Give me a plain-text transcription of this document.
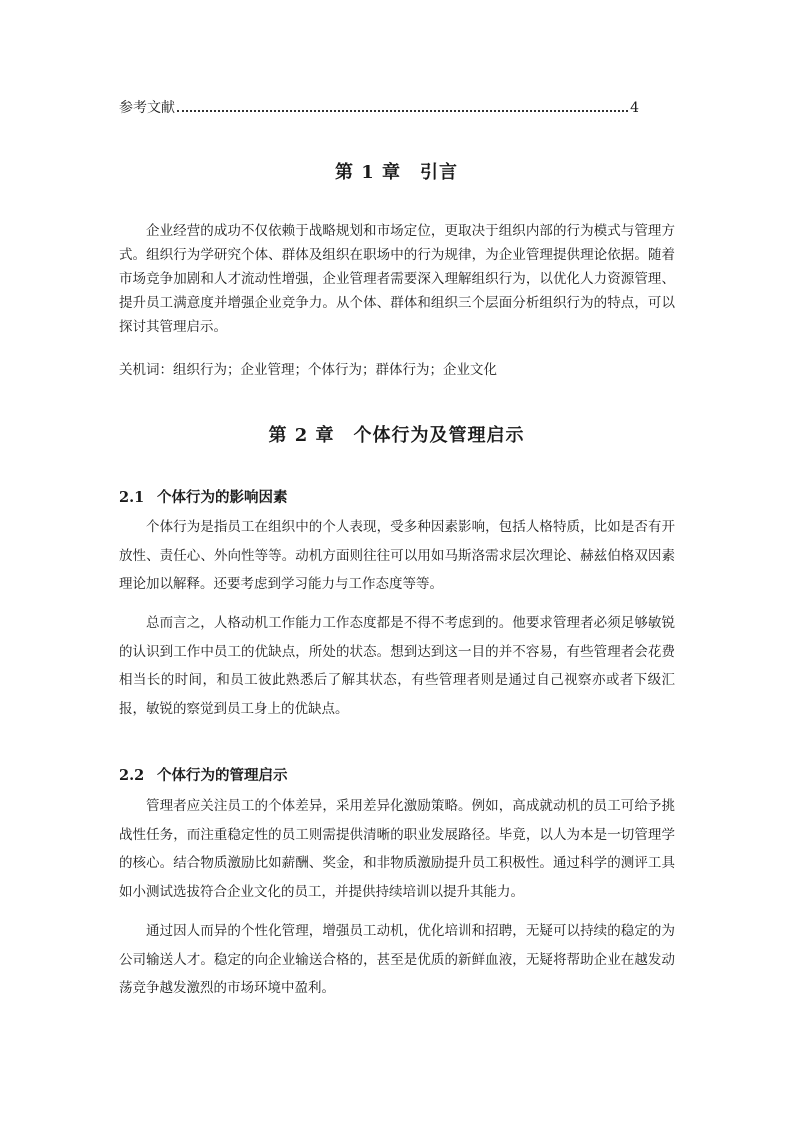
参考文献	4
第 1 章　引言

企业经营的成功不仅依赖于战略规划和市场定位，更取决于组织内部的行为模式与管理方式。组织行为学研究个体、群体及组织在职场中的行为规律，为企业管理提供理论依据。随着市场竞争加剧和人才流动性增强，企业管理者需要深入理解组织行为，以优化人力资源管理、提升员工满意度并增强企业竞争力。从个体、群体和组织三个层面分析组织行为的特点，可以探讨其管理启示。

关机词：组织行为；企业管理；个体行为；群体行为；企业文化
第 2 章　个体行为及管理启示
2.1 个体行为的影响因素

个体行为是指员工在组织中的个人表现，受多种因素影响，包括人格特质，比如是否有开放性、责任心、外向性等等。动机方面则往往可以用如马斯洛需求层次理论、赫兹伯格双因素理论加以解释。还要考虑到学习能力与工作态度等等。

总而言之，人格动机工作能力工作态度都是不得不考虑到的。他要求管理者必须足够敏锐的认识到工作中员工的优缺点，所处的状态。想到达到这一目的并不容易，有些管理者会花费相当长的时间，和员工彼此熟悉后了解其状态，有些管理者则是通过自己视察亦或者下级汇报，敏锐的察觉到员工身上的优缺点。

2.2 个体行为的管理启示

管理者应关注员工的个体差异，采用差异化激励策略。例如，高成就动机的员工可给予挑战性任务，而注重稳定性的员工则需提供清晰的职业发展路径。毕竟，以人为本是一切管理学的核心。结合物质激励比如薪酬、奖金，和非物质激励提升员工积极性。通过科学的测评工具如小测试选拔符合企业文化的员工，并提供持续培训以提升其能力。

通过因人而异的个性化管理，增强员工动机，优化培训和招聘，无疑可以持续的稳定的为公司输送人才。稳定的向企业输送合格的，甚至是优质的新鲜血液，无疑将帮助企业在越发动荡竞争越发激烈的市场环境中盈利。
